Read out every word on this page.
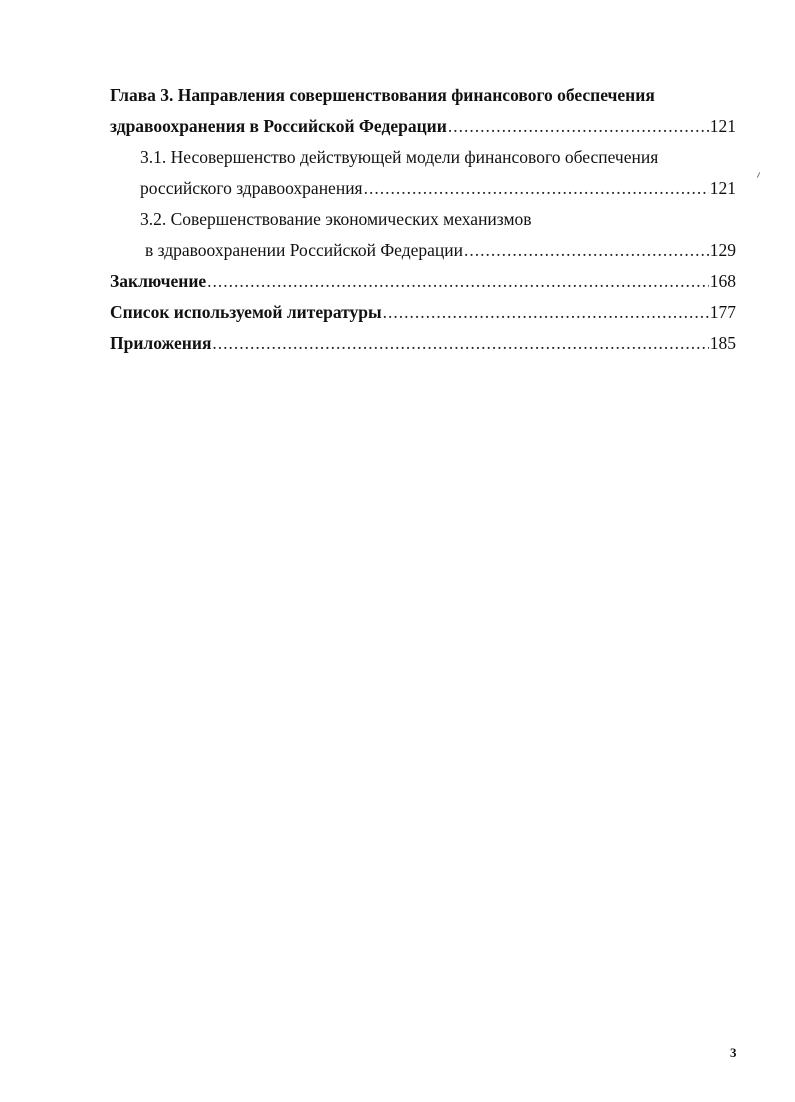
Глава 3. Направления совершенствования финансового обеспечения
здравоохранения в Российской Федерации .....	121
3.1. Несовершенство действующей модели финансового обеспечения
российского здравоохранения .....	121
3.2. Совершенствование экономических механизмов
в здравоохранении Российской Федерации .....	129
Заключение .....	168
Список используемой литературы .....	177
Приложения .....	185
3
